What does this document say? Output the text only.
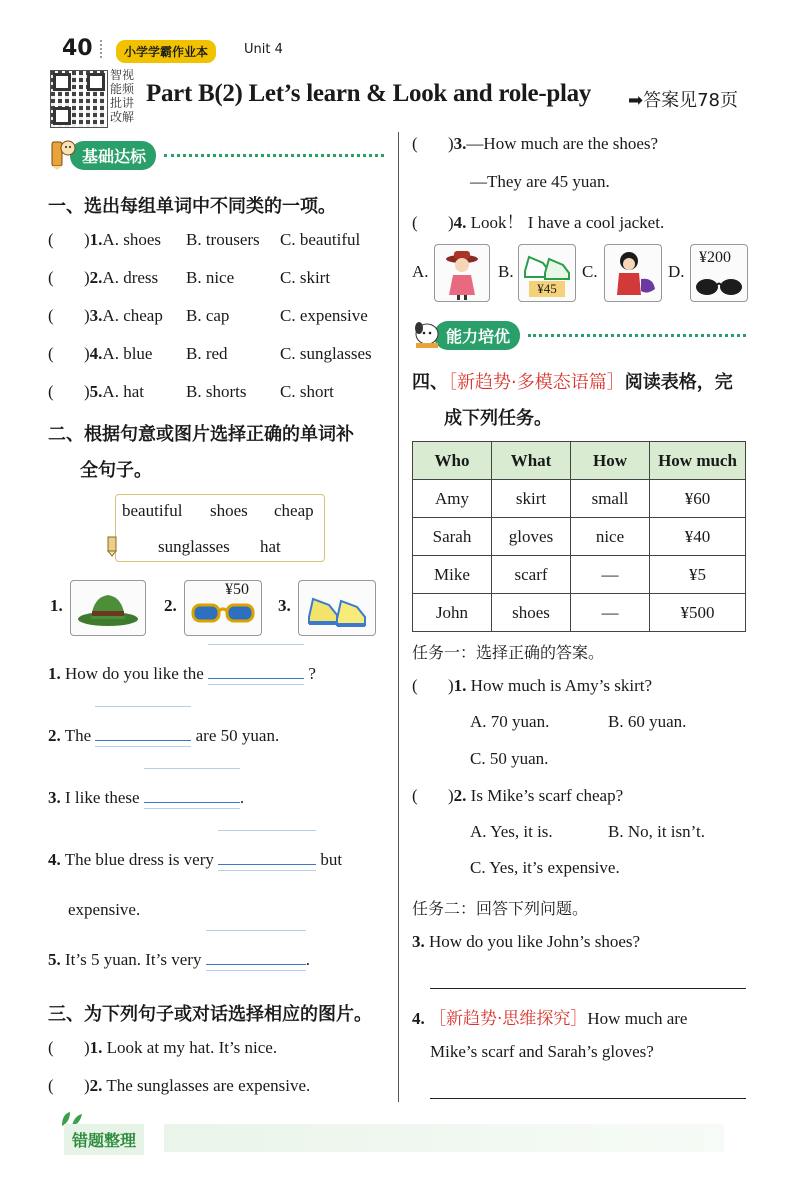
40	小学学霸作业本	Unit 4
智视
能频
批讲
改解
Part B(2) Let’s learn & Look and role-play ➡答案见78页
基础达标
一、选出每组单词中不同类的一项。
( )1.A. shoes B. trousers C. beautiful
( )2.A. dress B. nice	C. skirt
( )3.A. cheap B. cap	C. expensive
( )4.A. blue B. red	C. sunglasses
( )5.A. hat B. shorts C. short
二、根据句意或图片选择正确的单词补
全句子。
beautiful shoes cheap
sunglasses hat
1.	2.
¥50
3.
1. How do you like the	?
2. The	are 50 yuan.
3. I like these	.
4. The blue dress is very	but
expensive.
5. It’s 5 yuan. It’s very	.
三、为下列句子或对话选择相应的图片。
( )1. Look at my hat. It’s nice.
( )2. The sunglasses are expensive.
( )3.—How much are the shoes?
—They are 45 yuan.
( )4. Look！ I have a cool jacket.
A.	B.
¥45
C.	D.
¥200
能力培优
四、［新趋势·多模态语篇］阅读表格，完
成下列任务。
Who	What	How	How much
Amy	skirt	small	¥60
Sarah	gloves	nice	¥40
Mike	scarf	—	¥5
John	shoes	—	¥500
任务一：选择正确的答案。
( )1. How much is Amy’s skirt?
A. 70 yuan.	B. 60 yuan.
C. 50 yuan.
( )2. Is Mike’s scarf cheap?
A. Yes, it is.	B. No, it isn’t.
C. Yes, it’s expensive.
任务二：回答下列问题。
3. How do you like John’s shoes?
4. ［新趋势·思维探究］How much are
Mike’s scarf and Sarah’s gloves?
错题整理
